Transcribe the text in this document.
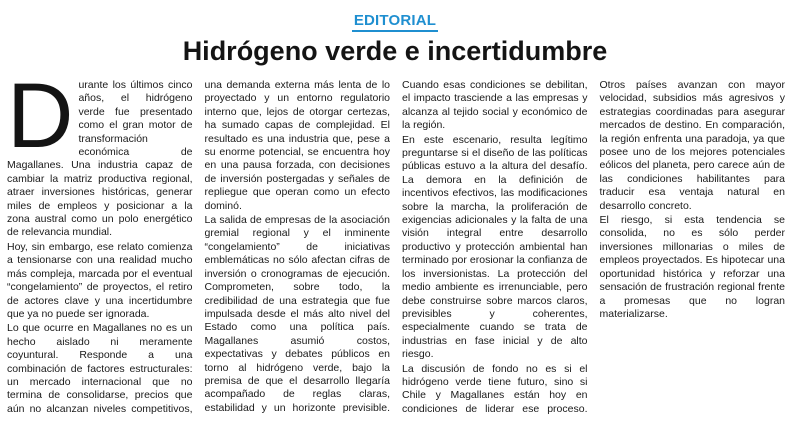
EDITORIAL
Hidrógeno verde e incertidumbre

Durante los últimos cinco años, el hidrógeno verde fue presentado como el gran motor de transformación económica de Magallanes. Una industria capaz de cambiar la matriz productiva regional, atraer inversiones históricas, generar miles de empleos y posicionar a la zona austral como un polo energético de relevancia mundial.

Hoy, sin embargo, ese relato comienza a tensionarse con una realidad mucho más compleja, marcada por el eventual “congelamiento” de proyectos, el retiro de actores clave y una incertidumbre que ya no puede ser ignorada.

Lo que ocurre en Magallanes no es un hecho aislado ni meramente coyuntural. Responde a una combinación de factores estructurales: un mercado internacional que no termina de consolidarse, precios que aún no alcanzan niveles competitivos, una demanda externa más lenta de lo proyectado y un entorno regulatorio interno que, lejos de otorgar certezas, ha sumado capas de complejidad. El resultado es una industria que, pese a su enorme potencial, se encuentra hoy en una pausa forzada, con decisiones de inversión postergadas y señales de repliegue que operan como un efecto dominó.

La salida de empresas de la asociación gremial regional y el inminente “congelamiento” de iniciativas emblemáticas no sólo afectan cifras de inversión o cronogramas de ejecución. Comprometen, sobre todo, la credibilidad de una estrategia que fue impulsada desde el más alto nivel del Estado como una política país. Magallanes asumió costos, expectativas y debates públicos en torno al hidrógeno verde, bajo la premisa de que el desarrollo llegaría acompañado de reglas claras, estabilidad y un horizonte previsible. Cuando esas condiciones se debilitan, el impacto trasciende a las empresas y alcanza al tejido social y económico de la región.

En este escenario, resulta legítimo preguntarse si el diseño de las políticas públicas estuvo a la altura del desafío. La demora en la definición de incentivos efectivos, las modificaciones sobre la marcha, la proliferación de exigencias adicionales y la falta de una visión integral entre desarrollo productivo y protección ambiental han terminado por erosionar la confianza de los inversionistas. La protección del medio ambiente es irrenunciable, pero debe construirse sobre marcos claros, previsibles y coherentes, especialmente cuando se trata de industrias en fase inicial y de alto riesgo.

La discusión de fondo no es si el hidrógeno verde tiene futuro, sino si Chile y Magallanes están hoy en condiciones de liderar ese proceso. Otros países avanzan con mayor velocidad, subsidios más agresivos y estrategias coordinadas para asegurar mercados de destino. En comparación, la región enfrenta una paradoja, ya que posee uno de los mejores potenciales eólicos del planeta, pero carece aún de las condiciones habilitantes para traducir esa ventaja natural en desarrollo concreto.

El riesgo, si esta tendencia se consolida, no es sólo perder inversiones millonarias o miles de empleos proyectados. Es hipotecar una oportunidad histórica y reforzar una sensación de frustración regional frente a promesas que no logran materializarse.
